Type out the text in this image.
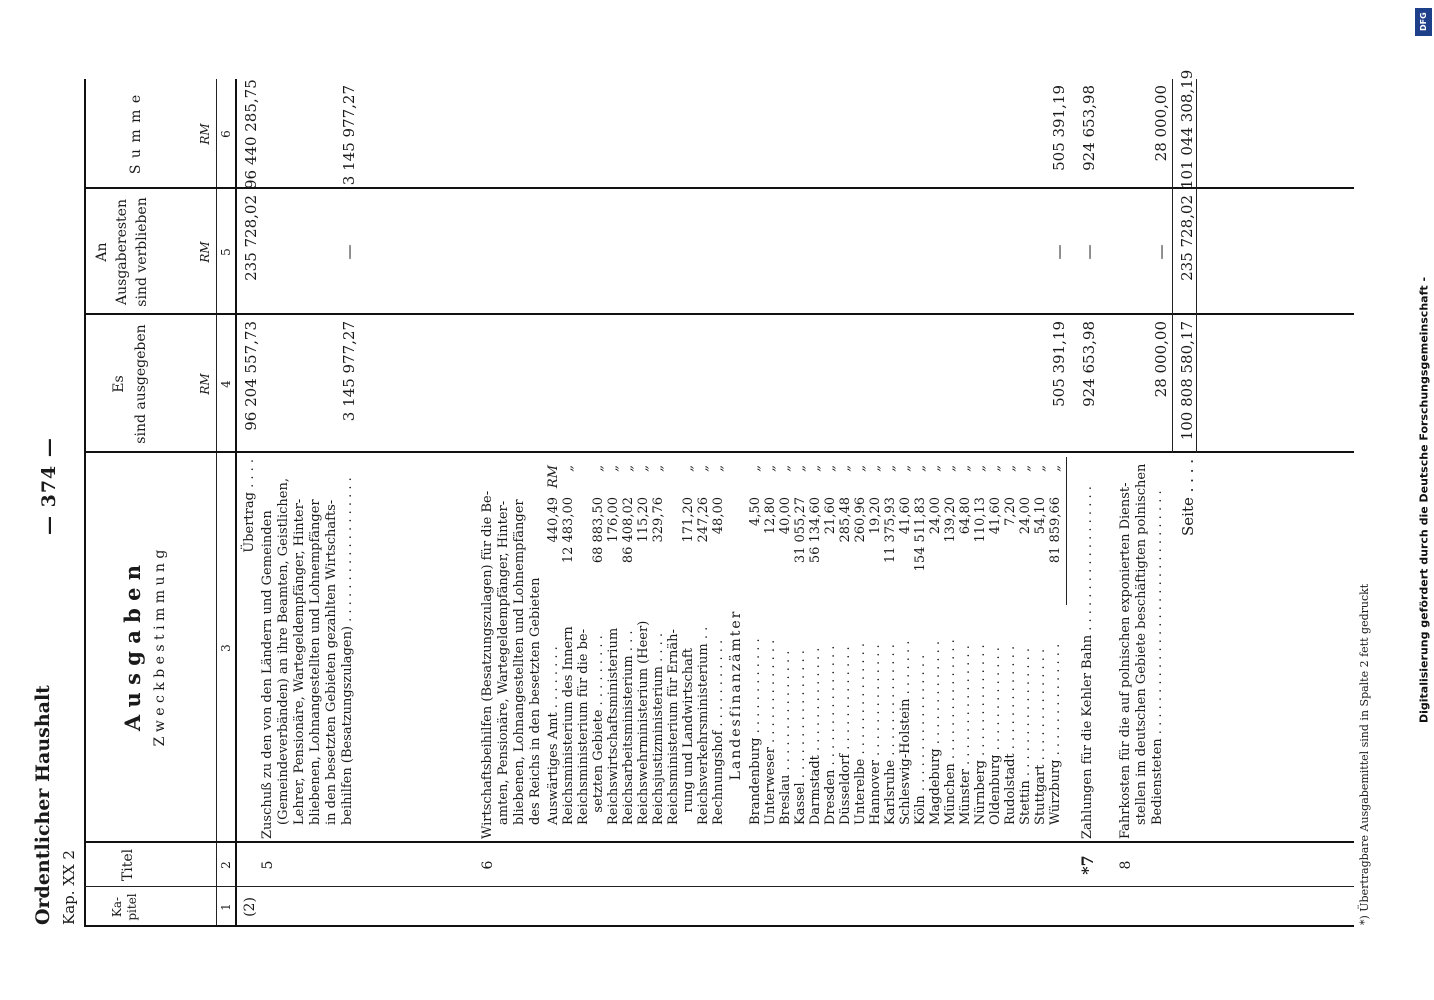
DFG
Digitalisierung gefördert durch die Deutsche Forschungsgemeinschaft -
Ordentlicher Haushalt Kap. XX 2
— 374 —
Ka-
pitel
Titel
A u s g a b e n Z w e c k b e s t i m m u n g
Es
sind ausgegeben
An
Ausgaberesten
sind verblieben
S u m m e
RM
RM
RM
1
2
3
4
5
6
(2)
Übertrag . . . .
96 204 557,73
235 728,02
96 440 285,75
5
Zuschuß zu den von den Ländern und Gemeinden (Gemeindeverbänden) an ihre Beamten, Geistlichen, Lehrer, Pensionäre, Wartegeldempfänger, Hinter- bliebenen, Lohnangestellten und Lohnempfänger in den besetzten Gebieten gezahlten Wirtschafts- beihilfen (Besatzungszulagen) . . . . . . . . . . . . . . . . . .
3 145 977,27
—
3 145 977,27
6
Wirtschaftsbeihilfen (Besatzungszulagen) für die Be- amten, Pensionäre, Wartegeldempfänger, Hinter- bliebenen, Lohnangestellten und Lohnempfänger des Reichs in den besetzten Gebieten Auswärtiges Amt . . . . . . . .
440,49
RM
Reichsministerium des Innern
12 483,00
„
Reichsministerium für die be- setzten Gebiete . . . . . . . . .
68 883,50
„
Reichswirtschaftsministerium
176,00
„
Reichsarbeitsministerium . . .
86 408,02
„
Reichswehrministerium (Heer)
115,20
„
Reichsjustizministerium . . . .
329,76
„
Reichsministerium für Ernäh- rung und Landwirtschaft
171,20
„
Reichsverkehrsministerium . .
247,26
„
Rechnungshof . . . . . . . . . . .
48,00
„
Landesfinanzämter Brandenburg . . . . . . . . . . . .
4,50
„
Unterweser . . . . . . . . . . . . .
12,80
„
Breslau . . . . . . . . . . . . . . .
40,00
„
Kassel . . . . . . . . . . . . . . . .
31 055,27
„
Darmstadt . . . . . . . . . . . . .
56 134,60
„
Dresden . . . . . . . . . . . . . . .
21,60
„
Düsseldorf . . . . . . . . . . . . .
285,48
„
Unterelbe . . . . . . . . . . . . . .
260,96
„
Hannover . . . . . . . . . . . . . .
19,20
„
Karlsruhe . . . . . . . . . . . . . .
11 375,93
„
Schleswig-Holstein . . . . . . .
41,60
„
Köln . . . . . . . . . . . . . . . . .
154 511,83
„
Magdeburg . . . . . . . . . . . . .
24,00
„
München . . . . . . . . . . . . . . .
139,20
„
Münster . . . . . . . . . . . . . . .
64,80
„
Nürnberg . . . . . . . . . . . . . .
110,13
„
Oldenburg . . . . . . . . . . . . .
41,60
„
Rudolstadt . . . . . . . . . . . . .
7,20
„
Stettin . . . . . . . . . . . . . . . .
24,00
„
Stuttgart . . . . . . . . . . . . . .
54,10
„
Würzburg . . . . . . . . . . . . . .
81 859,66
„
505 391,19
—
505 391,19
*7
Zahlungen für die Kehler Bahn . . . . . . . . . . . . . . . . . .
924 653,98
—
924 653,98
8
Fahrkosten für die auf polnischen exponierten Dienst- stellen im deutschen Gebiete beschäftigten polnischen Bediensteten . . . . . . . . . . . . . . . . . . . . . . . . . . . . . .
28 000,00
—
28 000,00
Seite . . . .
100 808 580,17
235 728,02
101 044 308,19
*) Übertragbare Ausgabemittel sind in Spalte 2 fett gedruckt
